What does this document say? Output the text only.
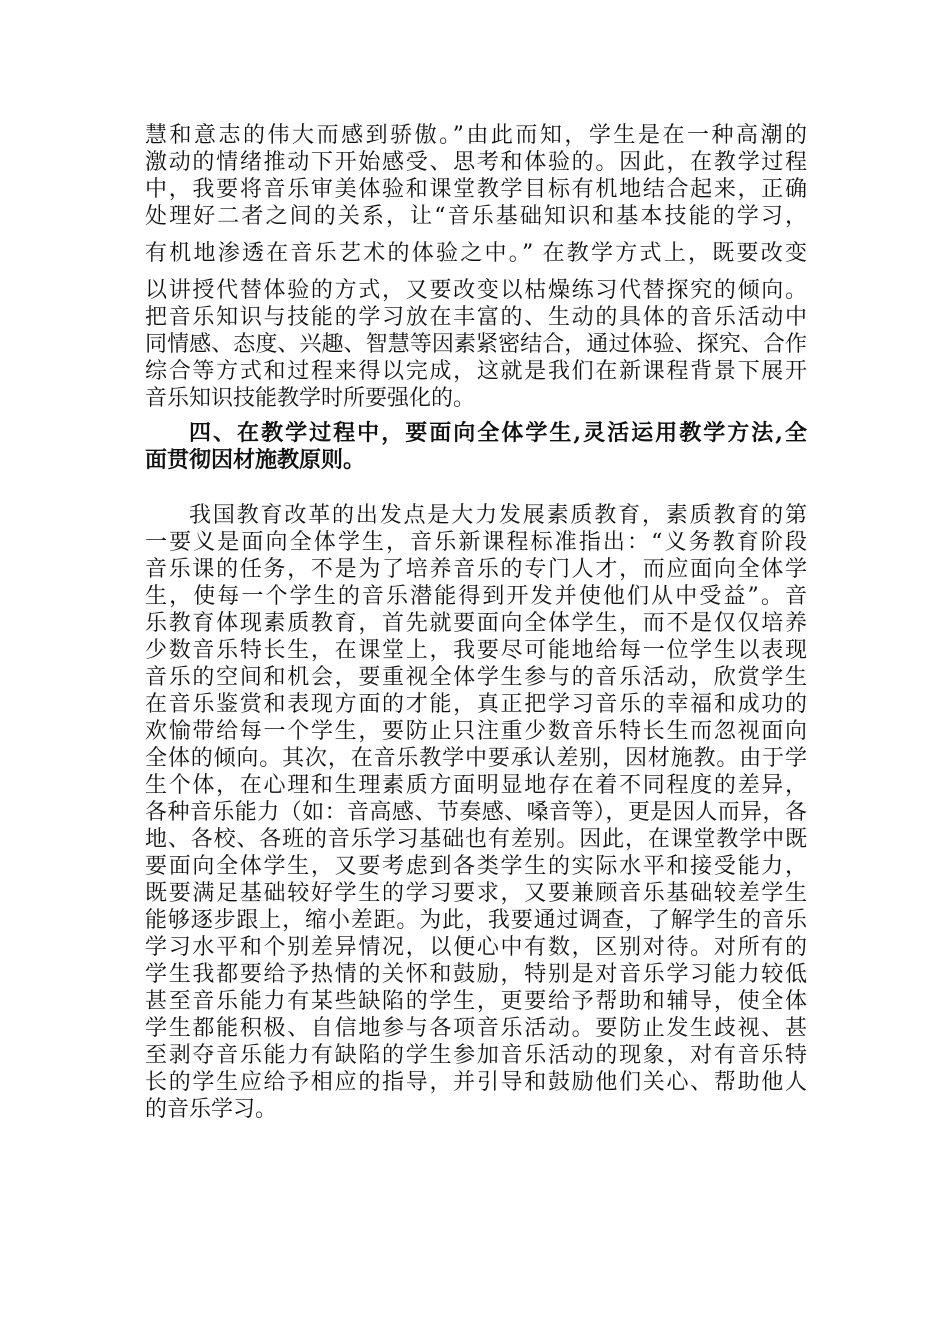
慧和意志的伟大而感到骄傲。”由此而知，学生是在一种高潮的
激动的情绪推动下开始感受、思考和体验的。因此，在教学过程
中，我要将音乐审美体验和课堂教学目标有机地结合起来，正确
处理好二者之间的关系，让“音乐基础知识和基本技能的学习，
有机地渗透在音乐艺术的体验之中。” 在教学方式上，既要改变
以讲授代替体验的方式，又要改变以枯燥练习代替探究的倾向。
把音乐知识与技能的学习放在丰富的、生动的具体的音乐活动中
同情感、态度、兴趣、智慧等因素紧密结合，通过体验、探究、合作
综合等方式和过程来得以完成，这就是我们在新课程背景下展开
音乐知识技能教学时所要强化的。
四、在教学过程中，要面向全体学生,灵活运用教学方法,全
面贯彻因材施教原则。
我国教育改革的出发点是大力发展素质教育，素质教育的第
一要义是面向全体学生，音乐新课程标准指出：“义务教育阶段
音乐课的任务，不是为了培养音乐的专门人才，而应面向全体学
生，使每一个学生的音乐潜能得到开发并使他们从中受益”。音
乐教育体现素质教育，首先就要面向全体学生，而不是仅仅培养
少数音乐特长生，在课堂上，我要尽可能地给每一位学生以表现
音乐的空间和机会，要重视全体学生参与的音乐活动，欣赏学生
在音乐鉴赏和表现方面的才能，真正把学习音乐的幸福和成功的
欢愉带给每一个学生，要防止只注重少数音乐特长生而忽视面向
全体的倾向。其次，在音乐教学中要承认差别，因材施教。由于学
生个体，在心理和生理素质方面明显地存在着不同程度的差异，
各种音乐能力（如：音高感、节奏感、嗓音等），更是因人而异，各
地、各校、各班的音乐学习基础也有差别。因此，在课堂教学中既
要面向全体学生，又要考虑到各类学生的实际水平和接受能力，
既要满足基础较好学生的学习要求，又要兼顾音乐基础较差学生
能够逐步跟上，缩小差距。为此，我要通过调查，了解学生的音乐
学习水平和个别差异情况，以便心中有数，区别对待。对所有的
学生我都要给予热情的关怀和鼓励，特别是对音乐学习能力较低
甚至音乐能力有某些缺陷的学生，更要给予帮助和辅导，使全体
学生都能积极、自信地参与各项音乐活动。要防止发生歧视、甚
至剥夺音乐能力有缺陷的学生参加音乐活动的现象，对有音乐特
长的学生应给予相应的指导，并引导和鼓励他们关心、帮助他人
的音乐学习。
